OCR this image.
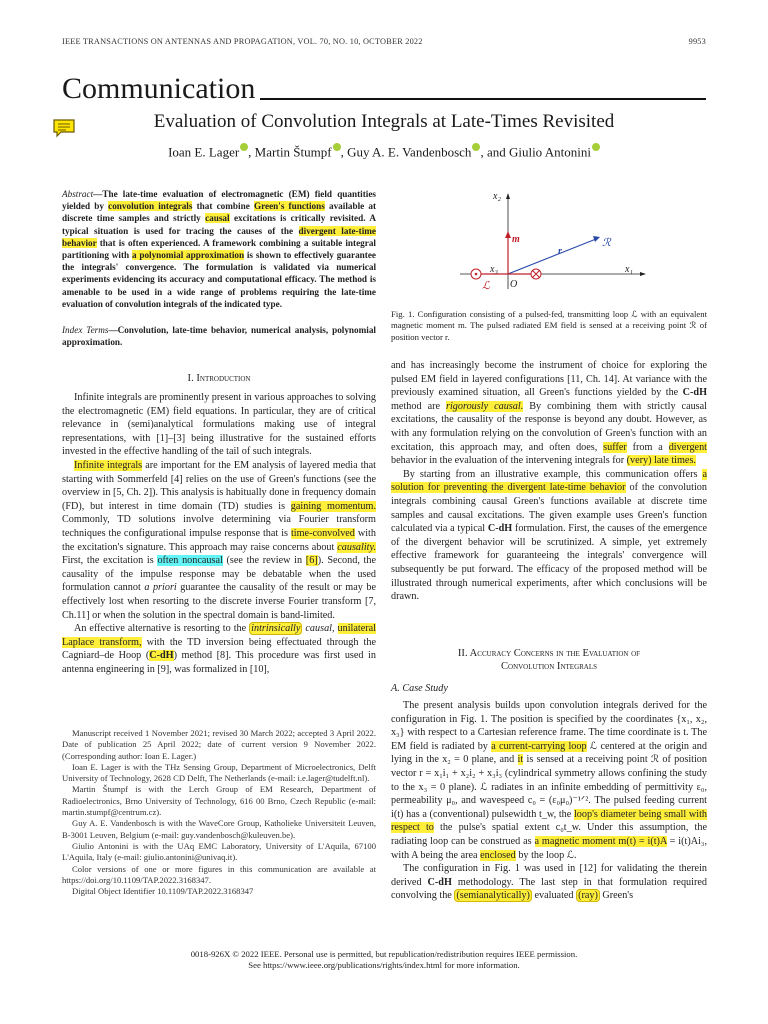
IEEE TRANSACTIONS ON ANTENNAS AND PROPAGATION, VOL. 70, NO. 10, OCTOBER 2022	9953
Communication
Evaluation of Convolution Integrals at Late-Times Revisited
Ioan E. Lager , Martin Štumpf , Guy A. E. Vandenbosch , and Giulio Antonini
Abstract—The late-time evaluation of electromagnetic (EM) field quantities yielded by convolution integrals that combine Green's functions available at discrete time samples and strictly causal excitations is critically revisited. A typical situation is used for tracing the causes of the divergent late-time behavior that is often experienced. A framework combining a suitable integral partitioning with a polynomial approximation is shown to effectively guarantee the integrals' convergence. The formulation is validated via numerical experiments evidencing its accuracy and computational efficacy. The method is amenable to be used in a wide range of problems requiring the late-time evaluation of convolution integrals of the indicated type.
Index Terms—Convolution, late-time behavior, numerical analysis, polynomial approximation.
I. Introduction

Infinite integrals are prominently present in various approaches to solving the electromagnetic (EM) field equations. In particular, they are of critical relevance in (semi)analytical formulations making use of integral representations, with [1]–[3] being illustrative for the sustained efforts invested in the effective handling of the tail of such integrals.

Infinite integrals are important for the EM analysis of layered media that starting with Sommerfeld [4] relies on the use of Green's functions (see the overview in [5, Ch. 2]). This analysis is habitually done in frequency domain (FD), but interest in time domain (TD) studies is gaining momentum. Commonly, TD solutions involve determining via Fourier transform techniques the configurational impulse response that is time-convolved with the excitation's signature. This approach may raise concerns about causality. First, the excitation is often noncausal (see the review in [6]). Second, the causality of the impulse response may be debatable when the used formulation cannot a priori guarantee the causality of the result or may be effectively lost when resorting to the discrete inverse Fourier transform [7, Ch.11] or when the solution in the spectral domain is band-limited.

An effective alternative is resorting to the intrinsically causal, unilateral Laplace transform, with the TD inversion being effectuated through the Cagniard–de Hoop (C-dH) method [8]. This procedure was first used in antenna engineering in [9], was formalized in [10],

Manuscript received 1 November 2021; revised 30 March 2022; accepted 3 April 2022. Date of publication 25 April 2022; date of current version 9 November 2022. (Corresponding author: Ioan E. Lager.)

Ioan E. Lager is with the THz Sensing Group, Department of Microelectronics, Delft University of Technology, 2628 CD Delft, The Netherlands (e-mail: i.e.lager@tudelft.nl).

Martin Štumpf is with the Lerch Group of EM Research, Department of Radioelectronics, Brno University of Technology, 616 00 Brno, Czech Republic (e-mail: martin.stumpf@centrum.cz).

Guy A. E. Vandenbosch is with the WaveCore Group, Katholieke Universiteit Leuven, B-3001 Leuven, Belgium (e-mail: guy.vandenbosch@kuleuven.be).

Giulio Antonini is with the UAq EMC Laboratory, University of L'Aquila, 67100 L'Aquila, Italy (e-mail: giulio.antonini@univaq.it).

Color versions of one or more figures in this communication are available at https://doi.org/10.1109/TAP.2022.3168347.

Digital Object Identifier 10.1109/TAP.2022.3168347

x₂
x₁
x₃
m
r
ℛ
O
ℒ
Fig. 1. Configuration consisting of a pulsed-fed, transmitting loop ℒ with an equivalent magnetic moment m. The pulsed radiated EM field is sensed at a receiving point ℛ of position vector r.

and has increasingly become the instrument of choice for exploring the pulsed EM field in layered configurations [11, Ch. 14]. At variance with the previously examined situation, all Green's functions yielded by the C-dH method are rigorously causal. By combining them with strictly causal excitations, the causality of the response is beyond any doubt. However, as with any formulation relying on the convolution of Green's function with an excitation, this approach may, and often does, suffer from a divergent behavior in the evaluation of the intervening integrals for (very) late times.

By starting from an illustrative example, this communication offers a solution for preventing the divergent late-time behavior of the convolution integrals combining causal Green's functions available at discrete time samples and causal excitations. The given example uses Green's function calculated via a typical C-dH formulation. First, the causes of the emergence of the divergent behavior will be scrutinized. A simple, yet extremely effective framework for guaranteeing the integrals' convergence will subsequently be put forward. The efficacy of the proposed method will be illustrated through numerical experiments, after which conclusions will be drawn.

II. Accuracy Concerns in the Evaluation of
Convolution Integrals
A. Case Study

The present analysis builds upon convolution integrals derived for the configuration in Fig. 1. The position is specified by the coordinates {x₁, x₂, x₃} with respect to a Cartesian reference frame. The time coordinate is t. The EM field is radiated by a current-carrying loop ℒ centered at the origin and lying in the x₂ = 0 plane, and it is sensed at a receiving point ℛ of position vector r = x₁i₁ + x₂i₂ + x₃i₃ (cylindrical symmetry allows confining the study to the x₃ = 0 plane). ℒ radiates in an infinite embedding of permittivity ε₀, permeability μ₀, and wavespeed c₀ = (ε₀μ₀)⁻¹ᐟ². The pulsed feeding current i(t) has a (conventional) pulsewidth t_w, the loop's diameter being small with respect to the pulse's spatial extent c₀t_w. Under this assumption, the radiating loop can be construed as a magnetic moment m(t) = i(t)A = i(t)Ai₃, with A being the area enclosed by the loop ℒ.

The configuration in Fig. 1 was used in [12] for validating the therein derived C-dH methodology. The last step in that formulation required convolving the (semianalytically) evaluated (ray) Green's

0018-926X © 2022 IEEE. Personal use is permitted, but republication/redistribution requires IEEE permission.
See https://www.ieee.org/publications/rights/index.html for more information.
